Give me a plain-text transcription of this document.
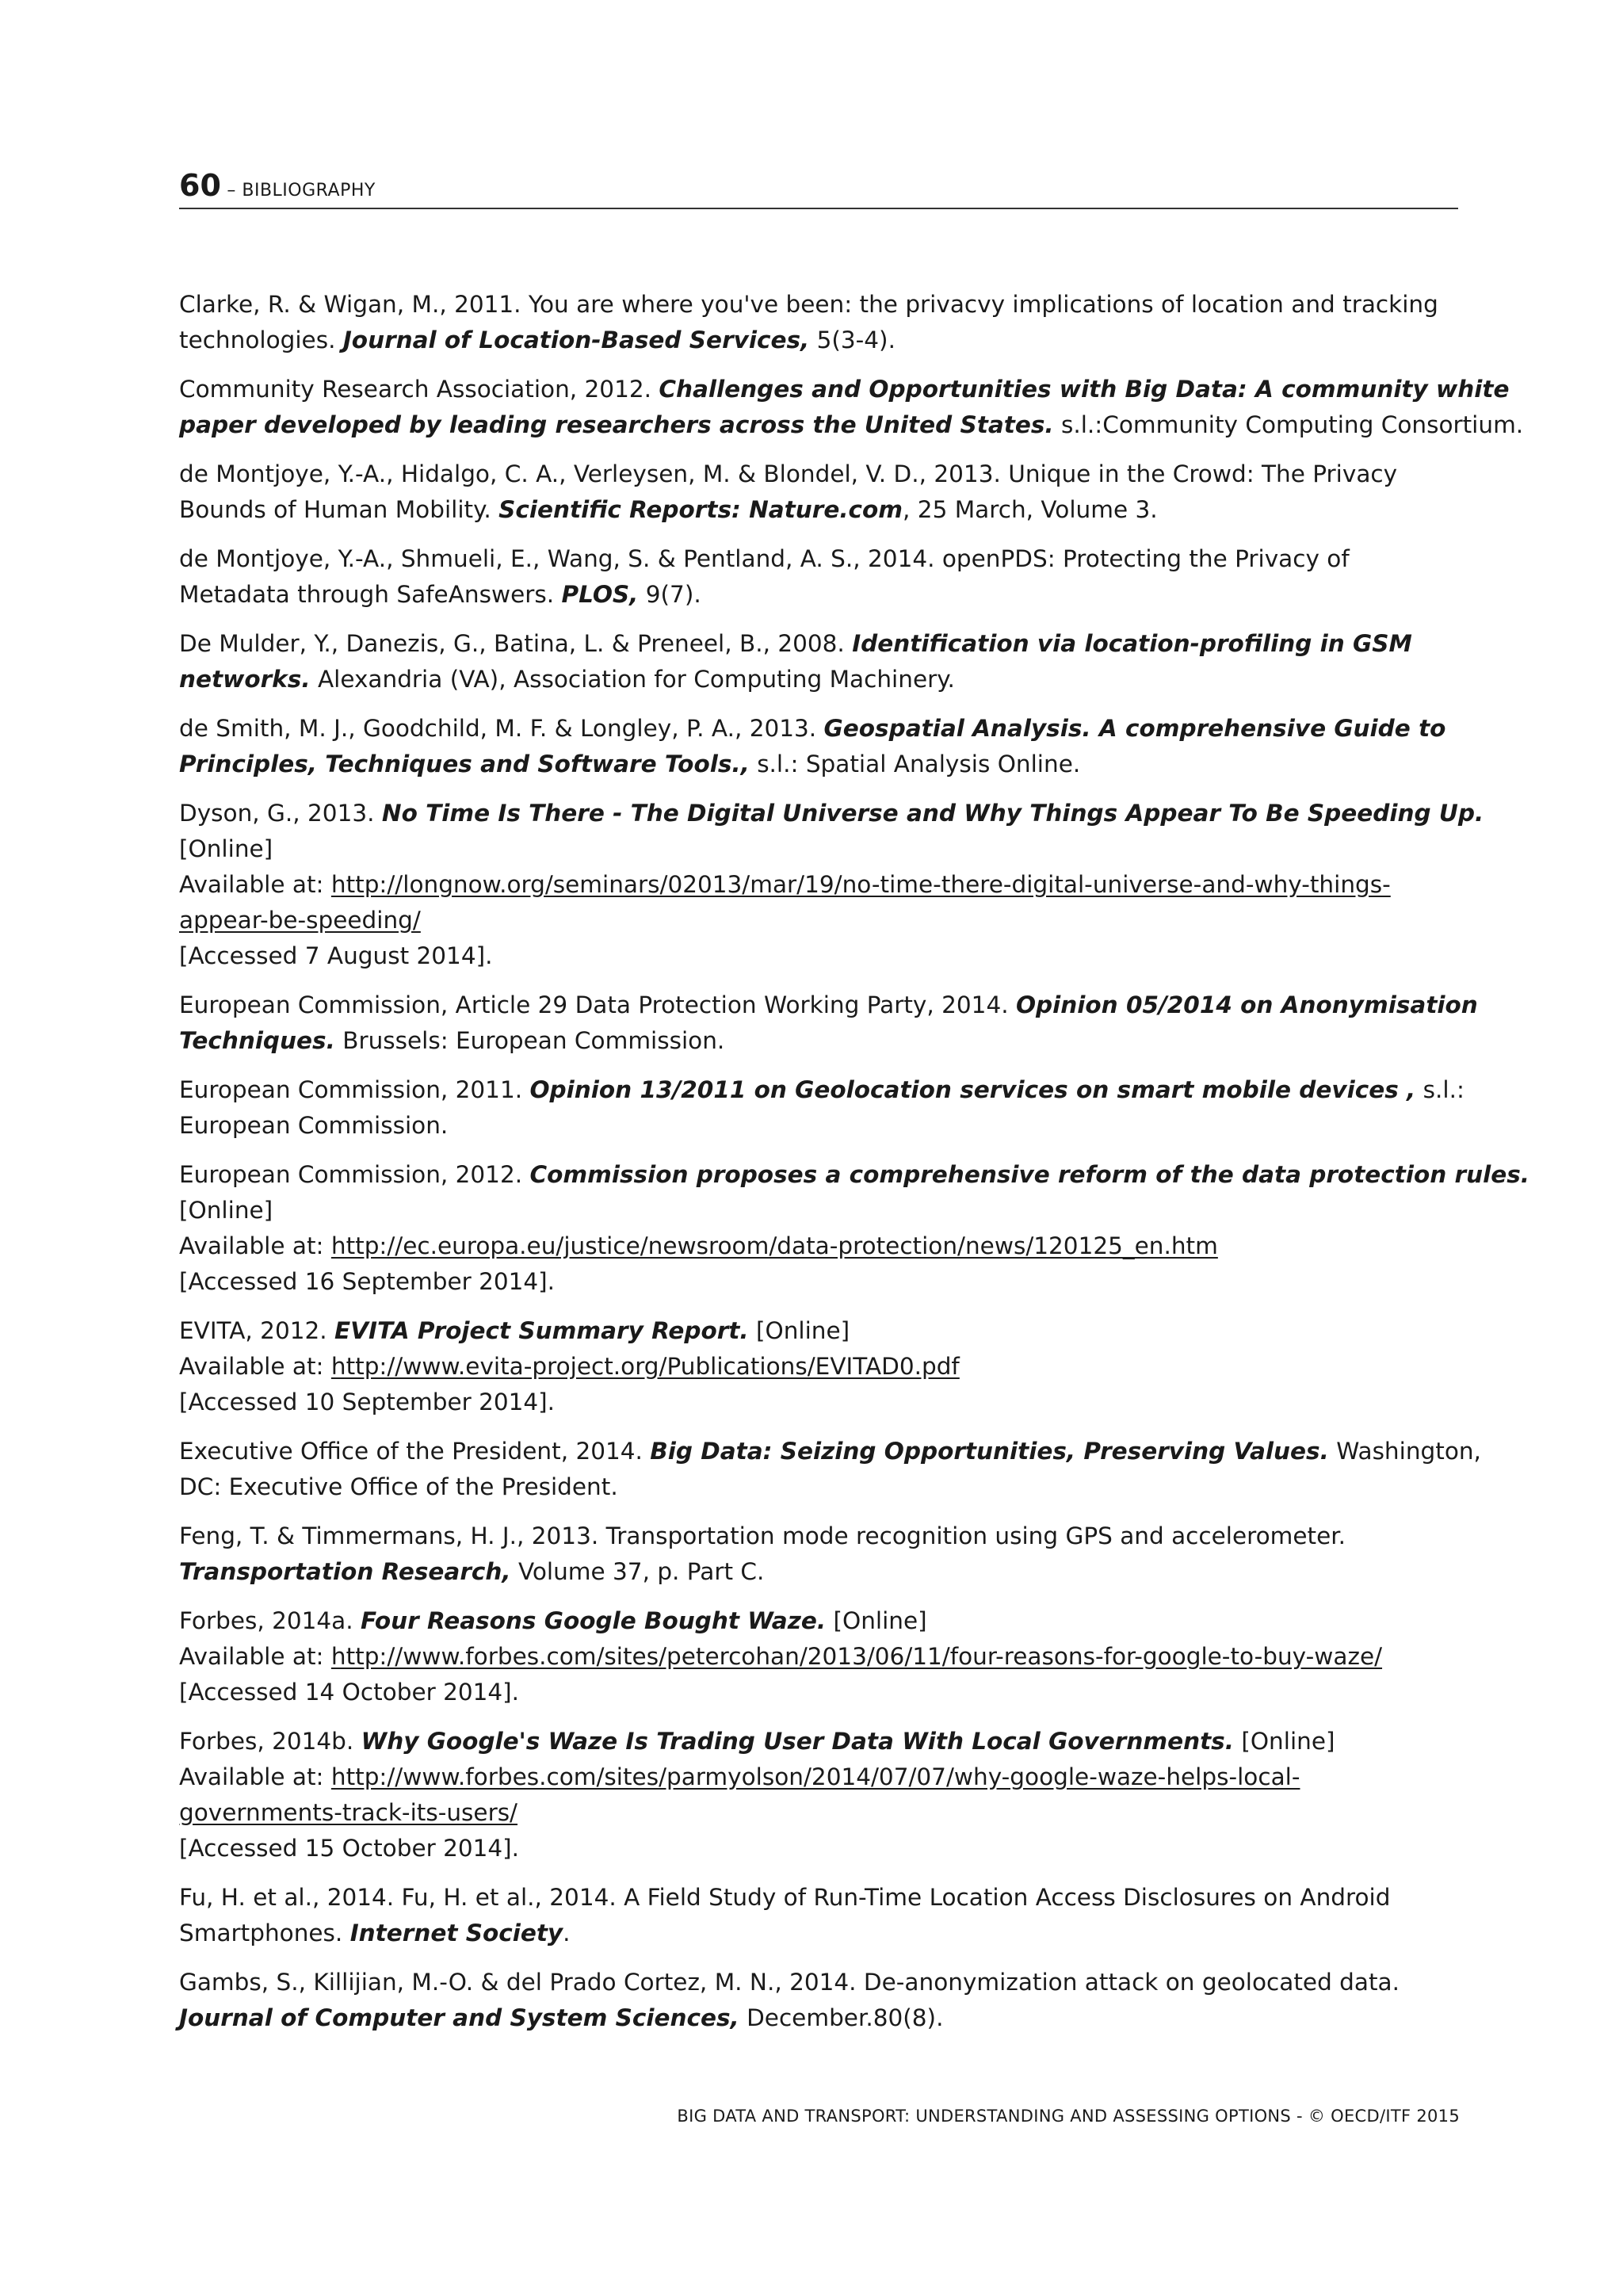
60 – BIBLIOGRAPHY

Clarke, R. & Wigan, M., 2011. You are where you've been: the privacvy implications of location and tracking
technologies. Journal of Location-Based Services, 5(3-4).

Community Research Association, 2012. Challenges and Opportunities with Big Data: A community white
paper developed by leading researchers across the United States. s.l.:Community Computing Consortium.

de Montjoye, Y.-A., Hidalgo, C. A., Verleysen, M. & Blondel, V. D., 2013. Unique in the Crowd: The Privacy
Bounds of Human Mobility. Scientific Reports: Nature.com, 25 March, Volume 3.

de Montjoye, Y.-A., Shmueli, E., Wang, S. & Pentland, A. S., 2014. openPDS: Protecting the Privacy of
Metadata through SafeAnswers. PLOS, 9(7).

De Mulder, Y., Danezis, G., Batina, L. & Preneel, B., 2008. Identification via location-profiling in GSM
networks. Alexandria (VA), Association for Computing Machinery.

de Smith, M. J., Goodchild, M. F. & Longley, P. A., 2013. Geospatial Analysis. A comprehensive Guide to
Principles, Techniques and Software Tools., s.l.: Spatial Analysis Online.

Dyson, G., 2013. No Time Is There - The Digital Universe and Why Things Appear To Be Speeding Up.
[Online]
Available at: http://longnow.org/seminars/02013/mar/19/no-time-there-digital-universe-and-why-things-
appear-be-speeding/
[Accessed 7 August 2014].

European Commission, Article 29 Data Protection Working Party, 2014. Opinion 05/2014 on Anonymisation
Techniques. Brussels: European Commission.

European Commission, 2011. Opinion 13/2011 on Geolocation services on smart mobile devices , s.l.:
European Commission.

European Commission, 2012. Commission proposes a comprehensive reform of the data protection rules.
[Online]
Available at: http://ec.europa.eu/justice/newsroom/data-protection/news/120125_en.htm
[Accessed 16 September 2014].

EVITA, 2012. EVITA Project Summary Report. [Online]
Available at: http://www.evita-project.org/Publications/EVITAD0.pdf
[Accessed 10 September 2014].

Executive Office of the President, 2014. Big Data: Seizing Opportunities, Preserving Values. Washington,
DC: Executive Office of the President.

Feng, T. & Timmermans, H. J., 2013. Transportation mode recognition using GPS and accelerometer.
Transportation Research, Volume 37, p. Part C.

Forbes, 2014a. Four Reasons Google Bought Waze. [Online]
Available at: http://www.forbes.com/sites/petercohan/2013/06/11/four-reasons-for-google-to-buy-waze/
[Accessed 14 October 2014].

Forbes, 2014b. Why Google's Waze Is Trading User Data With Local Governments. [Online]
Available at: http://www.forbes.com/sites/parmyolson/2014/07/07/why-google-waze-helps-local-
governments-track-its-users/
[Accessed 15 October 2014].

Fu, H. et al., 2014. Fu, H. et al., 2014. A Field Study of Run-Time Location Access Disclosures on Android
Smartphones. Internet Society.

Gambs, S., Killijian, M.-O. & del Prado Cortez, M. N., 2014. De-anonymization attack on geolocated data.
Journal of Computer and System Sciences, December.80(8).

BIG DATA AND TRANSPORT: UNDERSTANDING AND ASSESSING OPTIONS - © OECD/ITF 2015
